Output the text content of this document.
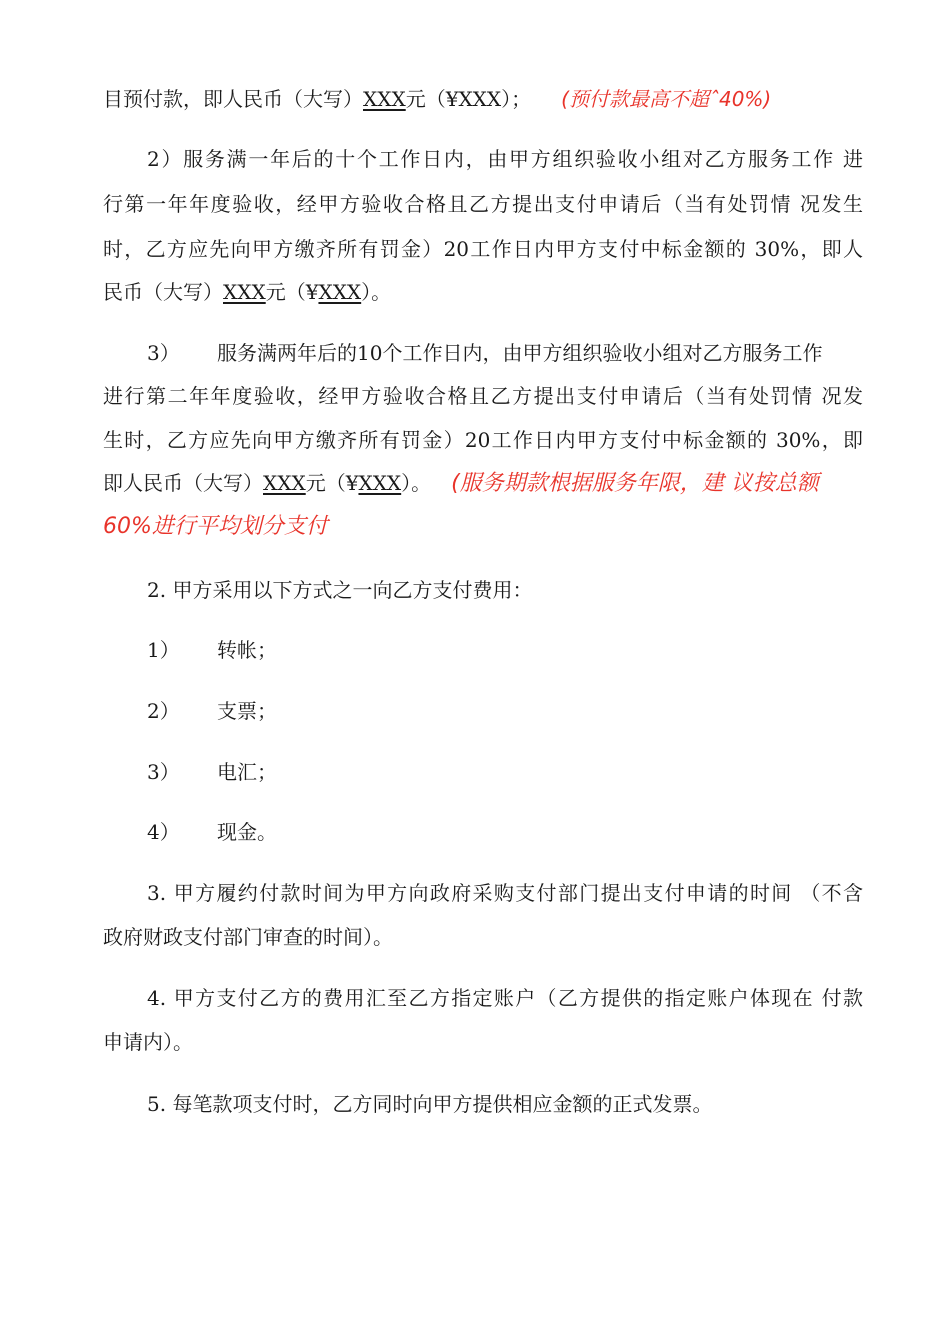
目预付款，即人民币（大写）XXX元（¥XXX）； (预付款最高不超ˆ40%)
2）服务满一年后的十个工作日内，由甲方组织验收小组对乙方服务工作 进
行第一年年度验收，经甲方验收合格且乙方提出支付申请后（当有处罚情 况发生
时，乙方应先向甲方缴齐所有罚金）20工作日内甲方支付中标金额的 30%，即人
民币（大写）XXX元（¥XXX）。
3） 服务满两年后的10个工作日内，由甲方组织验收小组对乙方服务工作
进行第二年年度验收，经甲方验收合格且乙方提出支付申请后（当有处罚情 况发
生时，乙方应先向甲方缴齐所有罚金）20工作日内甲方支付中标金额的 30%，即
即人民币（大写）XXX元（¥XXX）。 (服务期款根据服务年限，建 议按总额
60%进行平均划分支付
2. 甲方采用以下方式之一向乙方支付费用：
1） 转帐；
2） 支票；
3） 电汇；
4） 现金。
3. 甲方履约付款时间为甲方向政府采购支付部门提出支付申请的时间 （不含
政府财政支付部门审查的时间）。
4. 甲方支付乙方的费用汇至乙方指定账户（乙方提供的指定账户体现在 付款
申请内）。
5. 每笔款项支付时，乙方同时向甲方提供相应金额的正式发票。
